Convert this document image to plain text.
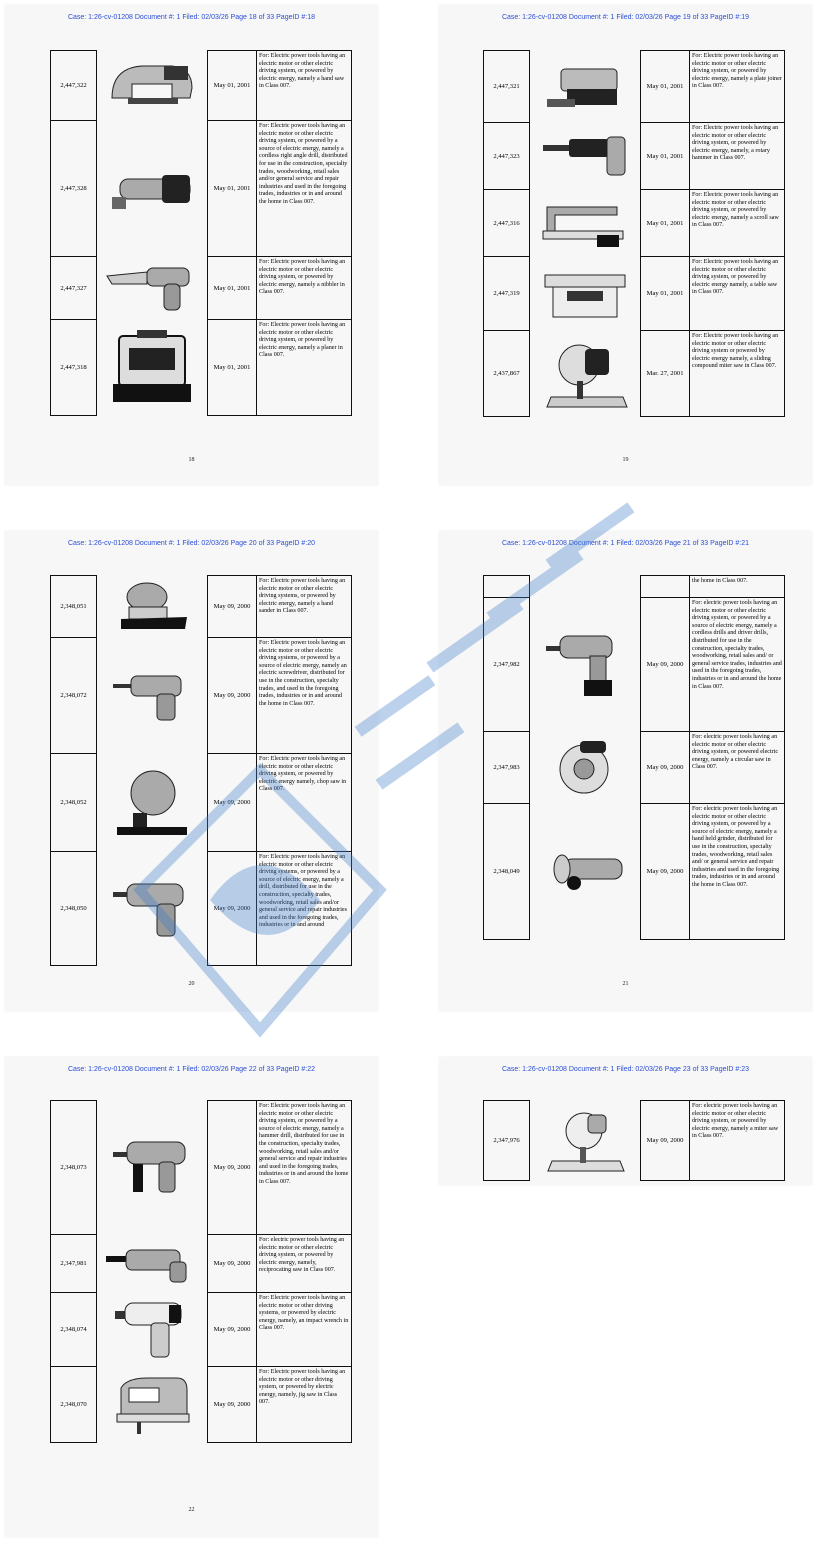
Case: 1:26-cv-01208 Document #: 1 Filed: 02/03/26 Page 18 of 33 PageID #:18
2,447,322		May 01, 2001	For: Electric power tools having an electric motor or other electric driving system, or powered by electric energy, namely a hand saw in Class 007.
2,447,328		May 01, 2001	For: Electric power tools having an electric motor or other electric driving system, or powered by a source of electric energy, namely a cordless right angle drill, distributed for use in the construction, specialty trades, woodworking, retail sales and/or general service and repair industries and used in the foregoing trades, industries or in and around the home in Class 007.
2,447,327		May 01, 2001	For: Electric power tools having an electric motor or other electric driving system, or powered by electric energy, namely a nibbler in Class 007.
2,447,318		May 01, 2001	For: Electric power tools having an electric motor or other electric driving system, or powered by electric energy, namely a planer in Class 007.
18
Case: 1:26-cv-01208 Document #: 1 Filed: 02/03/26 Page 19 of 33 PageID #:19
2,447,321		May 01, 2001	For: Electric power tools having an electric motor or other electric driving system, or powered by electric energy, namely a plate joiner in Class 007.
2,447,323		May 01, 2001	For: Electric power tools having an electric motor or other electric driving system, or powered by electric energy, namely, a rotary hammer in Class 007.
2,447,316		May 01, 2001	For: Electric power tools having an electric motor or other electric driving system, or powered by electric energy, namely a scroll saw in Class 007.
2,447,319		May 01, 2001	For: Electric power tools having an electric motor or other electric driving system, or powered by electric energy namely, a table saw in Class 007.
2,437,867		Mar. 27, 2001	For: Electric power tools having an electric motor or other electric driving system or powered by electric energy namely, a sliding compound miter saw in Class 007.
19
Case: 1:26-cv-01208 Document #: 1 Filed: 02/03/26 Page 20 of 33 PageID #:20
2,348,051		May 09, 2000	For: Electric power tools having an electric motor or other electric driving systems, or powered by electric energy, namely a hand sander in Class 007.
2,348,072		May 09, 2000	For: Electric power tools having an electric motor or other electric driving systems, or powered by a source of electric energy, namely an electric screwdriver, distributed for use in the construction, specialty trades, and used in the foregoing trades, industries or in and around the home in Class 007.
2,348,052		May 09, 2000	For: Electric power tools having an electric motor or other electric driving system, or powered by electric energy namely, chop saw in Class 007.
2,348,050		May 09, 2000	For: Electric power tools having an electric motor or other electric driving systems, or powered by a source of electric energy, namely a drill, distributed for use in the construction, specialty trades, woodworking, retail sales and/or general service and repair industries and used in the foregoing trades, industries or in and around
20
Case: 1:26-cv-01208 Document #: 1 Filed: 02/03/26 Page 21 of 33 PageID #:21
			the home in Class 007.
2,347,982		May 09, 2000	For: electric power tools having an electric motor or other electric driving system, or powered by a source of electric energy, namely a cordless drills and driver drills, distributed for use in the construction, specialty trades, woodworking, retail sales and/ or general service trades, industries and used in the foregoing trades, industries or in and around the home in Class 007.
2,347,983		May 09, 2000	For: electric power tools having an electric motor or other electric driving system, or powered electric energy, namely a circular saw in Class 007.
2,348,049		May 09, 2000	For: electric power tools having an electric motor or other electric driving system, or powered by a source of electric energy, namely a hand held grinder, distributed for use in the construction, specialty trades, woodworking, retail sales and/ or general service and repair industries and used in the foregoing trades, industries or in and around the home in Class 007.
21
Case: 1:26-cv-01208 Document #: 1 Filed: 02/03/26 Page 22 of 33 PageID #:22
2,348,073		May 09, 2000	For: Electric power tools having an electric motor or other electric driving system, or powered by a source of electric energy, namely a hammer drill, distributed for use in the construction, specialty trades, woodworking, retail sales and/or general service and repair industries and used in the foregoing trades, industries or in and around the home in Class 007.
2,347,981		May 09, 2000	For: electric power tools having an electric motor or other electric driving system, or powered by electric energy, namely, reciprocating saw in Class 007.
2,348,074		May 09, 2000	For: Electric power tools having an electric motor or other driving systems, or powered by electric energy, namely, an impact wrench in Class 007.
2,348,070		May 09, 2000	For: Electric power tools having an electric motor or other driving system, or powered by electric energy, namely, jig saw in Class 007.
22
Case: 1:26-cv-01208 Document #: 1 Filed: 02/03/26 Page 23 of 33 PageID #:23
2,347,976		May 09, 2000	For: electric power tools having an electric motor or other electric driving system, or powered by electric energy, namely a miter saw in Class 007.
